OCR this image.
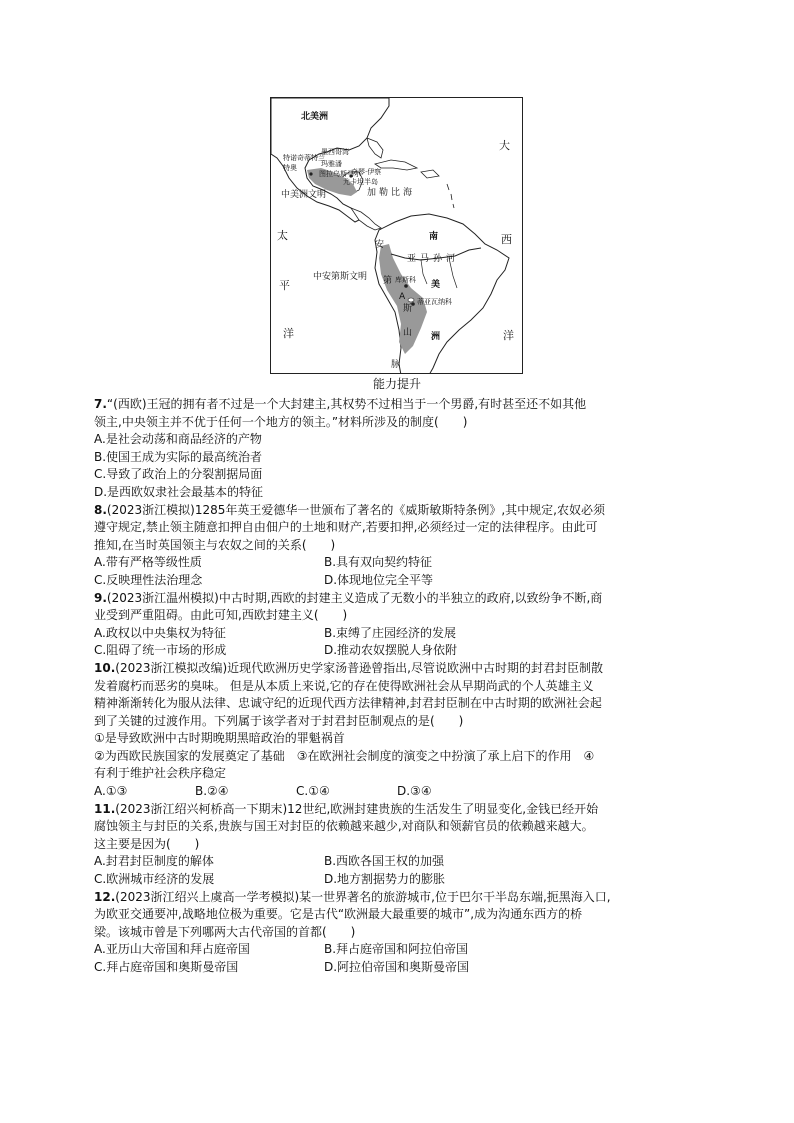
北美洲
墨西哥湾
玛雅潘
特诺奇蒂特兰
特奥
图拉 乌斯马尔
奇琴·伊察
尤卡坦半岛
加勒比海
中美洲文明
大
西
洋
太
平
洋
南
美
洲
亚马孙河
安
第
斯
山
脉
中安第斯文明	库斯科
蒂亚瓦纳科
A
能力提升

7.“(西欧)王冠的拥有者不过是一个大封建主,其权势不过相当于一个男爵,有时甚至还不如其他

领主,中央领主并不优于任何一个地方的领主。”材料所涉及的制度(　　)

A.是社会动荡和商品经济的产物

B.使国王成为实际的最高统治者

C.导致了政治上的分裂割据局面

D.是西欧奴隶社会最基本的特征

8.(2023浙江模拟)1285年英王爱德华一世颁布了著名的《威斯敏斯特条例》,其中规定,农奴必须

遵守规定,禁止领主随意扣押自由佃户的土地和财产,若要扣押,必须经过一定的法律程序。由此可

推知,在当时英国领主与农奴之间的关系(　　)

A.带有严格等级性质	B.具有双向契约特征
C.反映理性法治理念	D.体现地位完全平等

9.(2023浙江温州模拟)中古时期,西欧的封建主义造成了无数小的半独立的政府,以致纷争不断,商

业受到严重阻碍。由此可知,西欧封建主义(　　)

A.政权以中央集权为特征	B.束缚了庄园经济的发展
C.阻碍了统一市场的形成	D.推动农奴摆脱人身依附

10.(2023浙江模拟改编)近现代欧洲历史学家汤普逊曾指出,尽管说欧洲中古时期的封君封臣制散

发着腐朽而恶劣的臭味。 但是从本质上来说,它的存在使得欧洲社会从早期尚武的个人英雄主义

精神渐渐转化为服从法律、忠诚守纪的近现代西方法律精神,封君封臣制在中古时期的欧洲社会起

到了关键的过渡作用。下列属于该学者对于封君封臣制观点的是(　　)

①是导致欧洲中古时期晚期黑暗政治的罪魁祸首

②为西欧民族国家的发展奠定了基础　③在欧洲社会制度的演变之中扮演了承上启下的作用　④

有利于维护社会秩序稳定

A.①③	B.②④	C.①④	D.③④

11.(2023浙江绍兴柯桥高一下期末)12世纪,欧洲封建贵族的生活发生了明显变化,金钱已经开始

腐蚀领主与封臣的关系,贵族与国王对封臣的依赖越来越少,对商队和领薪官员的依赖越来越大。

这主要是因为(　　)

A.封君封臣制度的解体	B.西欧各国王权的加强
C.欧洲城市经济的发展	D.地方割据势力的膨胀

12.(2023浙江绍兴上虞高一学考模拟)某一世界著名的旅游城市,位于巴尔干半岛东端,扼黑海入口,

为欧亚交通要冲,战略地位极为重要。它是古代“欧洲最大最重要的城市”,成为沟通东西方的桥

梁。该城市曾是下列哪两大古代帝国的首都(　　)

A.亚历山大帝国和拜占庭帝国	B.拜占庭帝国和阿拉伯帝国
C.拜占庭帝国和奥斯曼帝国	D.阿拉伯帝国和奥斯曼帝国
